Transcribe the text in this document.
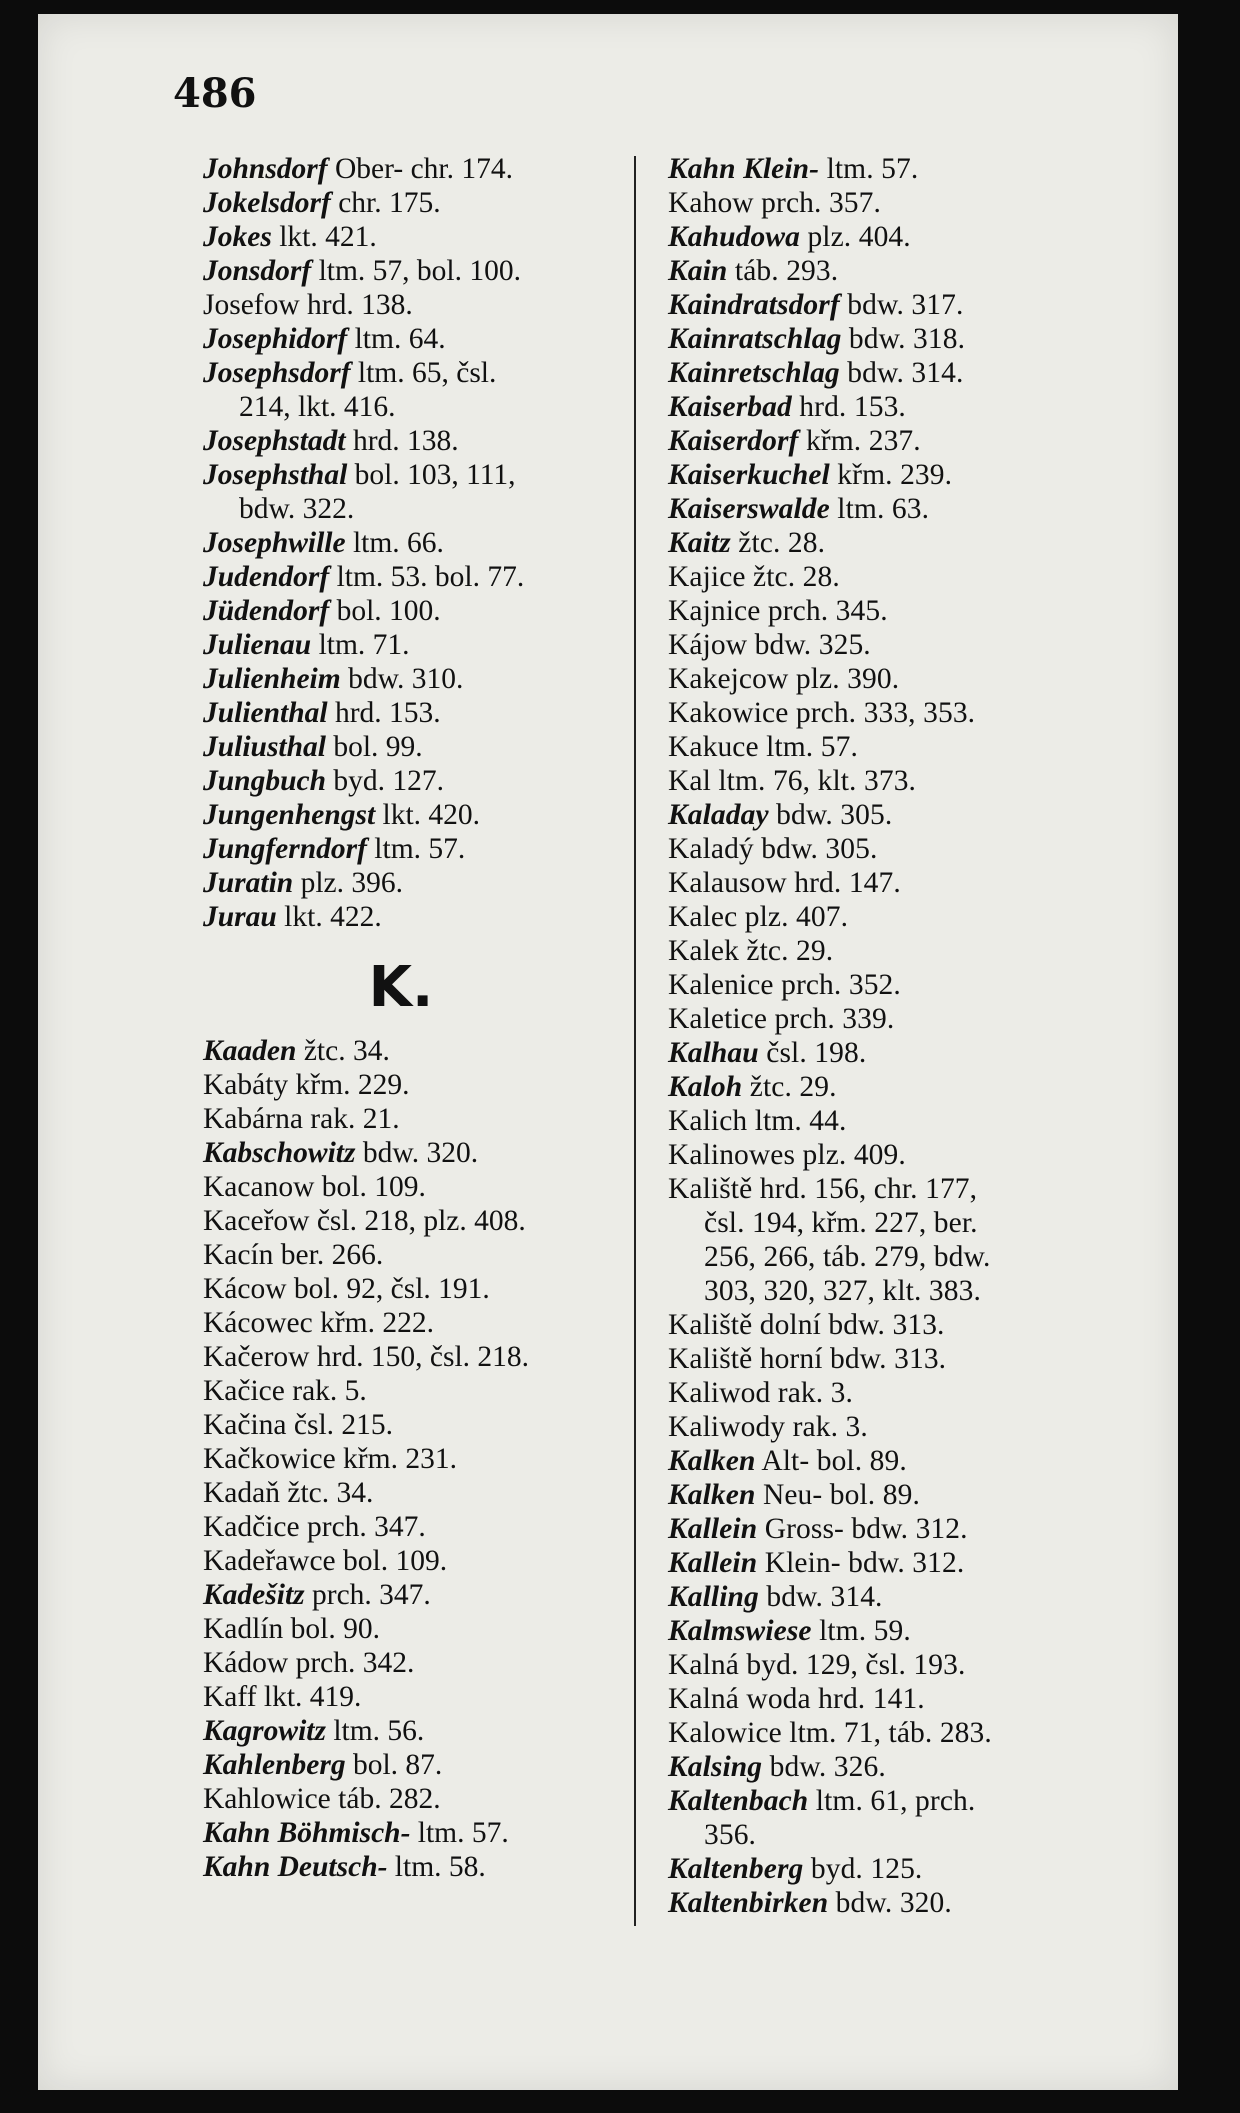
486
Johnsdorf Ober- chr. 174.
Jokelsdorf chr. 175.
Jokes lkt. 421.
Jonsdorf ltm. 57, bol. 100.
Josefow hrd. 138.
Josephidorf ltm. 64.
Josephsdorf ltm. 65, čsl.
214, lkt. 416.
Josephstadt hrd. 138.
Josephsthal bol. 103, 111,
bdw. 322.
Josephwille ltm. 66.
Judendorf ltm. 53. bol. 77.
Jüdendorf bol. 100.
Julienau ltm. 71.
Julienheim bdw. 310.
Julienthal hrd. 153.
Juliusthal bol. 99.
Jungbuch byd. 127.
Jungenhengst lkt. 420.
Jungferndorf ltm. 57.
Juratin plz. 396.
Jurau lkt. 422.
K.
Kaaden žtc. 34.
Kabáty křm. 229.
Kabárna rak. 21.
Kabschowitz bdw. 320.
Kacanow bol. 109.
Kaceřow čsl. 218, plz. 408.
Kacín ber. 266.
Kácow bol. 92, čsl. 191.
Kácowec křm. 222.
Kačerow hrd. 150, čsl. 218.
Kačice rak. 5.
Kačina čsl. 215.
Kačkowice křm. 231.
Kadaň žtc. 34.
Kadčice prch. 347.
Kadeřawce bol. 109.
Kadešitz prch. 347.
Kadlín bol. 90.
Kádow prch. 342.
Kaff lkt. 419.
Kagrowitz ltm. 56.
Kahlenberg bol. 87.
Kahlowice táb. 282.
Kahn Böhmisch- ltm. 57.
Kahn Deutsch- ltm. 58.
Kahn Klein- ltm. 57.
Kahow prch. 357.
Kahudowa plz. 404.
Kain táb. 293.
Kaindratsdorf bdw. 317.
Kainratschlag bdw. 318.
Kainretschlag bdw. 314.
Kaiserbad hrd. 153.
Kaiserdorf křm. 237.
Kaiserkuchel křm. 239.
Kaiserswalde ltm. 63.
Kaitz žtc. 28.
Kajice žtc. 28.
Kajnice prch. 345.
Kájow bdw. 325.
Kakejcow plz. 390.
Kakowice prch. 333, 353.
Kakuce ltm. 57.
Kal ltm. 76, klt. 373.
Kaladay bdw. 305.
Kaladý bdw. 305.
Kalausow hrd. 147.
Kalec plz. 407.
Kalek žtc. 29.
Kalenice prch. 352.
Kaletice prch. 339.
Kalhau čsl. 198.
Kaloh žtc. 29.
Kalich ltm. 44.
Kalinowes plz. 409.
Kaliště hrd. 156, chr. 177,
čsl. 194, křm. 227, ber.
256, 266, táb. 279, bdw.
303, 320, 327, klt. 383.
Kaliště dolní bdw. 313.
Kaliště horní bdw. 313.
Kaliwod rak. 3.
Kaliwody rak. 3.
Kalken Alt- bol. 89.
Kalken Neu- bol. 89.
Kallein Gross- bdw. 312.
Kallein Klein- bdw. 312.
Kalling bdw. 314.
Kalmswiese ltm. 59.
Kalná byd. 129, čsl. 193.
Kalná woda hrd. 141.
Kalowice ltm. 71, táb. 283.
Kalsing bdw. 326.
Kaltenbach ltm. 61, prch.
356.
Kaltenberg byd. 125.
Kaltenbirken bdw. 320.
